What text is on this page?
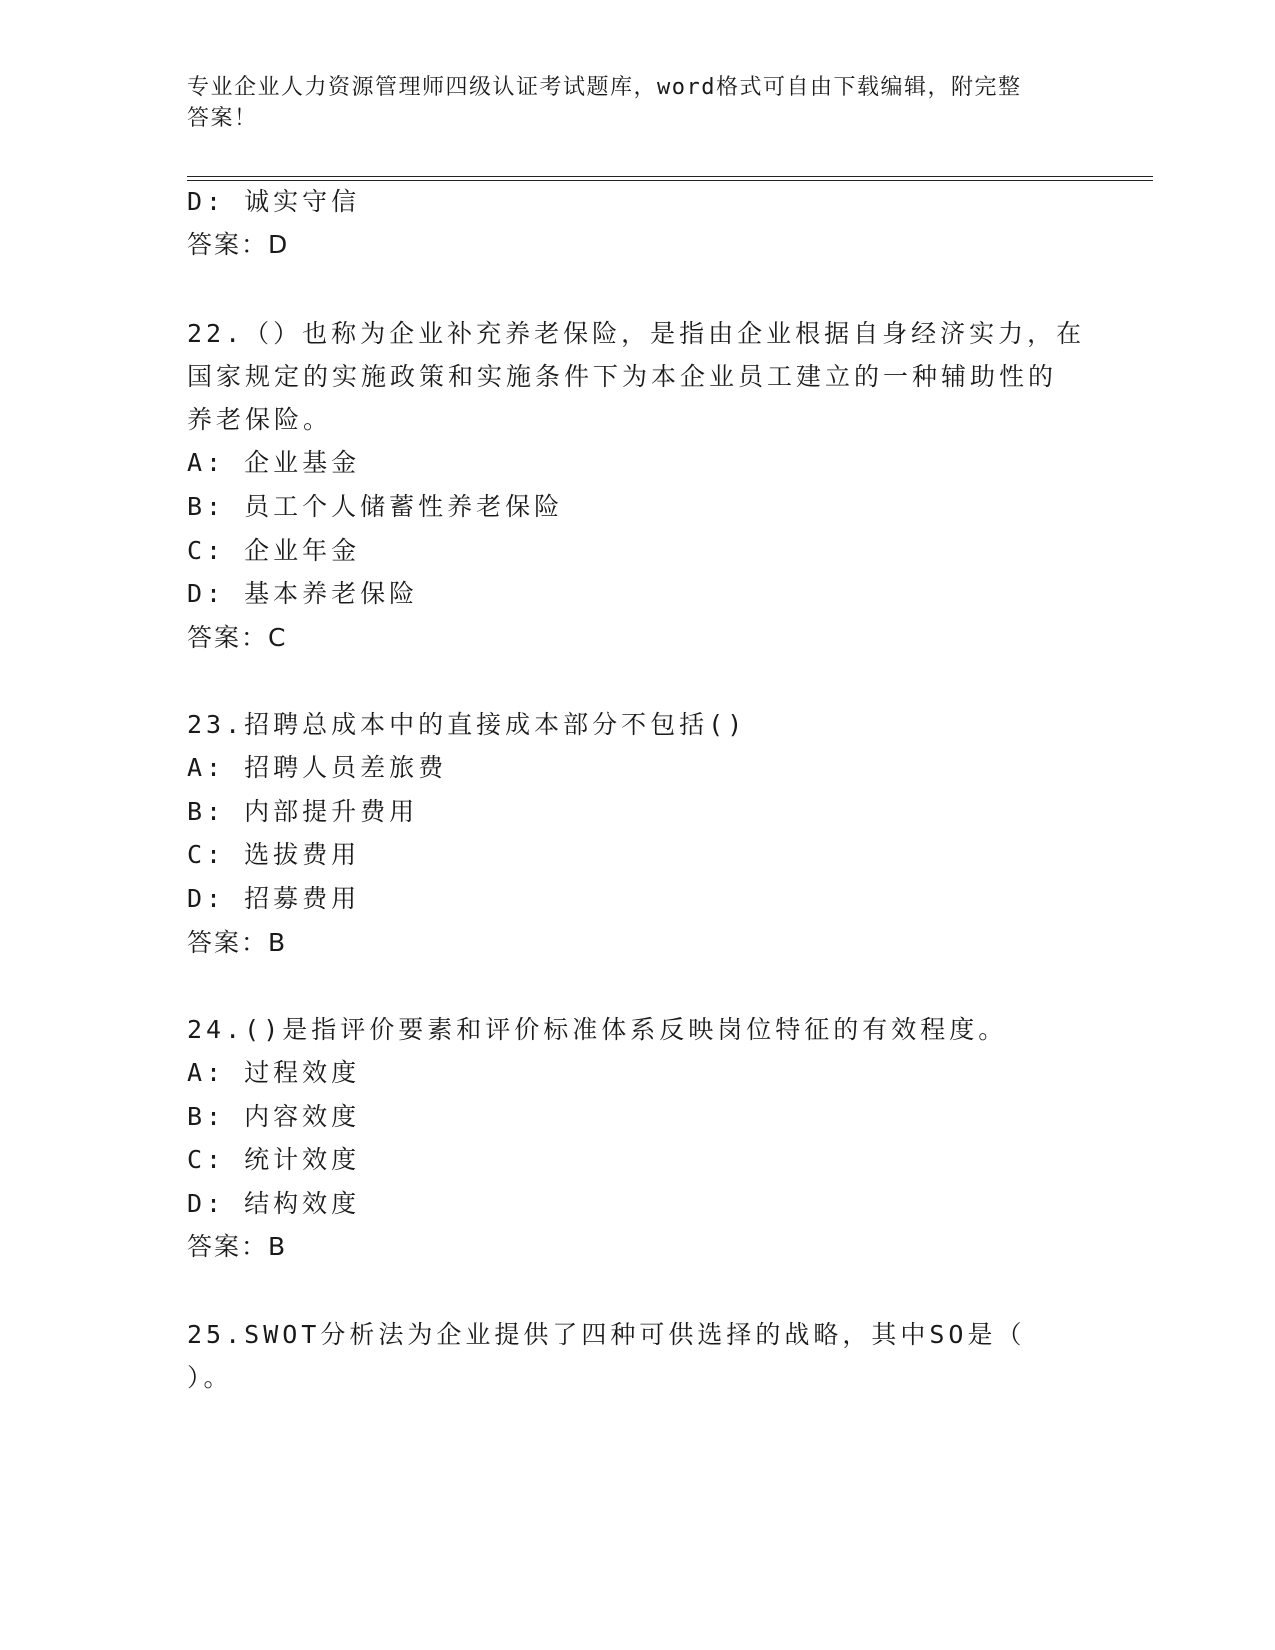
专业企业人力资源管理师四级认证考试题库，word格式可自由下载编辑，附完整
答案！
D: 诚实守信
答案：D
22.（）也称为企业补充养老保险，是指由企业根据自身经济实力，在
国家规定的实施政策和实施条件下为本企业员工建立的一种辅助性的
养老保险。
A: 企业基金
B: 员工个人储蓄性养老保险
C: 企业年金
D: 基本养老保险
答案：C
23.招聘总成本中的直接成本部分不包括()
A: 招聘人员差旅费
B: 内部提升费用
C: 选拔费用
D: 招募费用
答案：B
24.()是指评价要素和评价标准体系反映岗位特征的有效程度。
A: 过程效度
B: 内容效度
C: 统计效度
D: 结构效度
答案：B
25.SWOT分析法为企业提供了四种可供选择的战略，其中SO是（
）。
